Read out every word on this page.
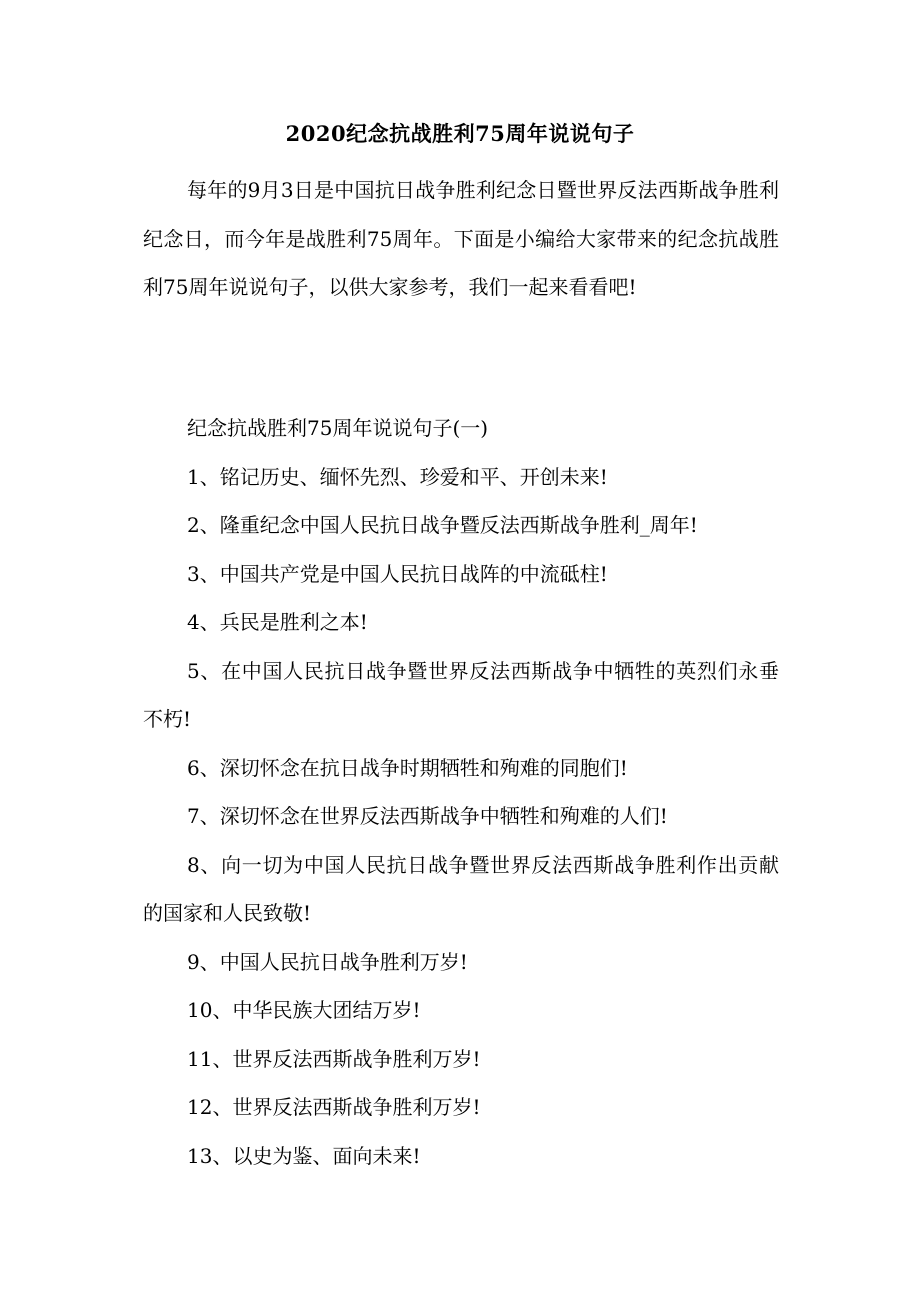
2020纪念抗战胜利75周年说说句子

每年的9月3日是中国抗日战争胜利纪念日暨世界反法西斯战争胜利纪念日，而今年是战胜利75周年。下面是小编给大家带来的纪念抗战胜利75周年说说句子，以供大家参考，我们一起来看看吧!

纪念抗战胜利75周年说说句子(一)

1、铭记历史、缅怀先烈、珍爱和平、开创未来!

2、隆重纪念中国人民抗日战争暨反法西斯战争胜利_周年!

3、中国共产党是中国人民抗日战阵的中流砥柱!

4、兵民是胜利之本!

5、在中国人民抗日战争暨世界反法西斯战争中牺牲的英烈们永垂不朽!

6、深切怀念在抗日战争时期牺牲和殉难的同胞们!

7、深切怀念在世界反法西斯战争中牺牲和殉难的人们!

8、向一切为中国人民抗日战争暨世界反法西斯战争胜利作出贡献的国家和人民致敬!

9、中国人民抗日战争胜利万岁!

10、中华民族大团结万岁!

11、世界反法西斯战争胜利万岁!

12、世界反法西斯战争胜利万岁!

13、以史为鉴、面向未来!
